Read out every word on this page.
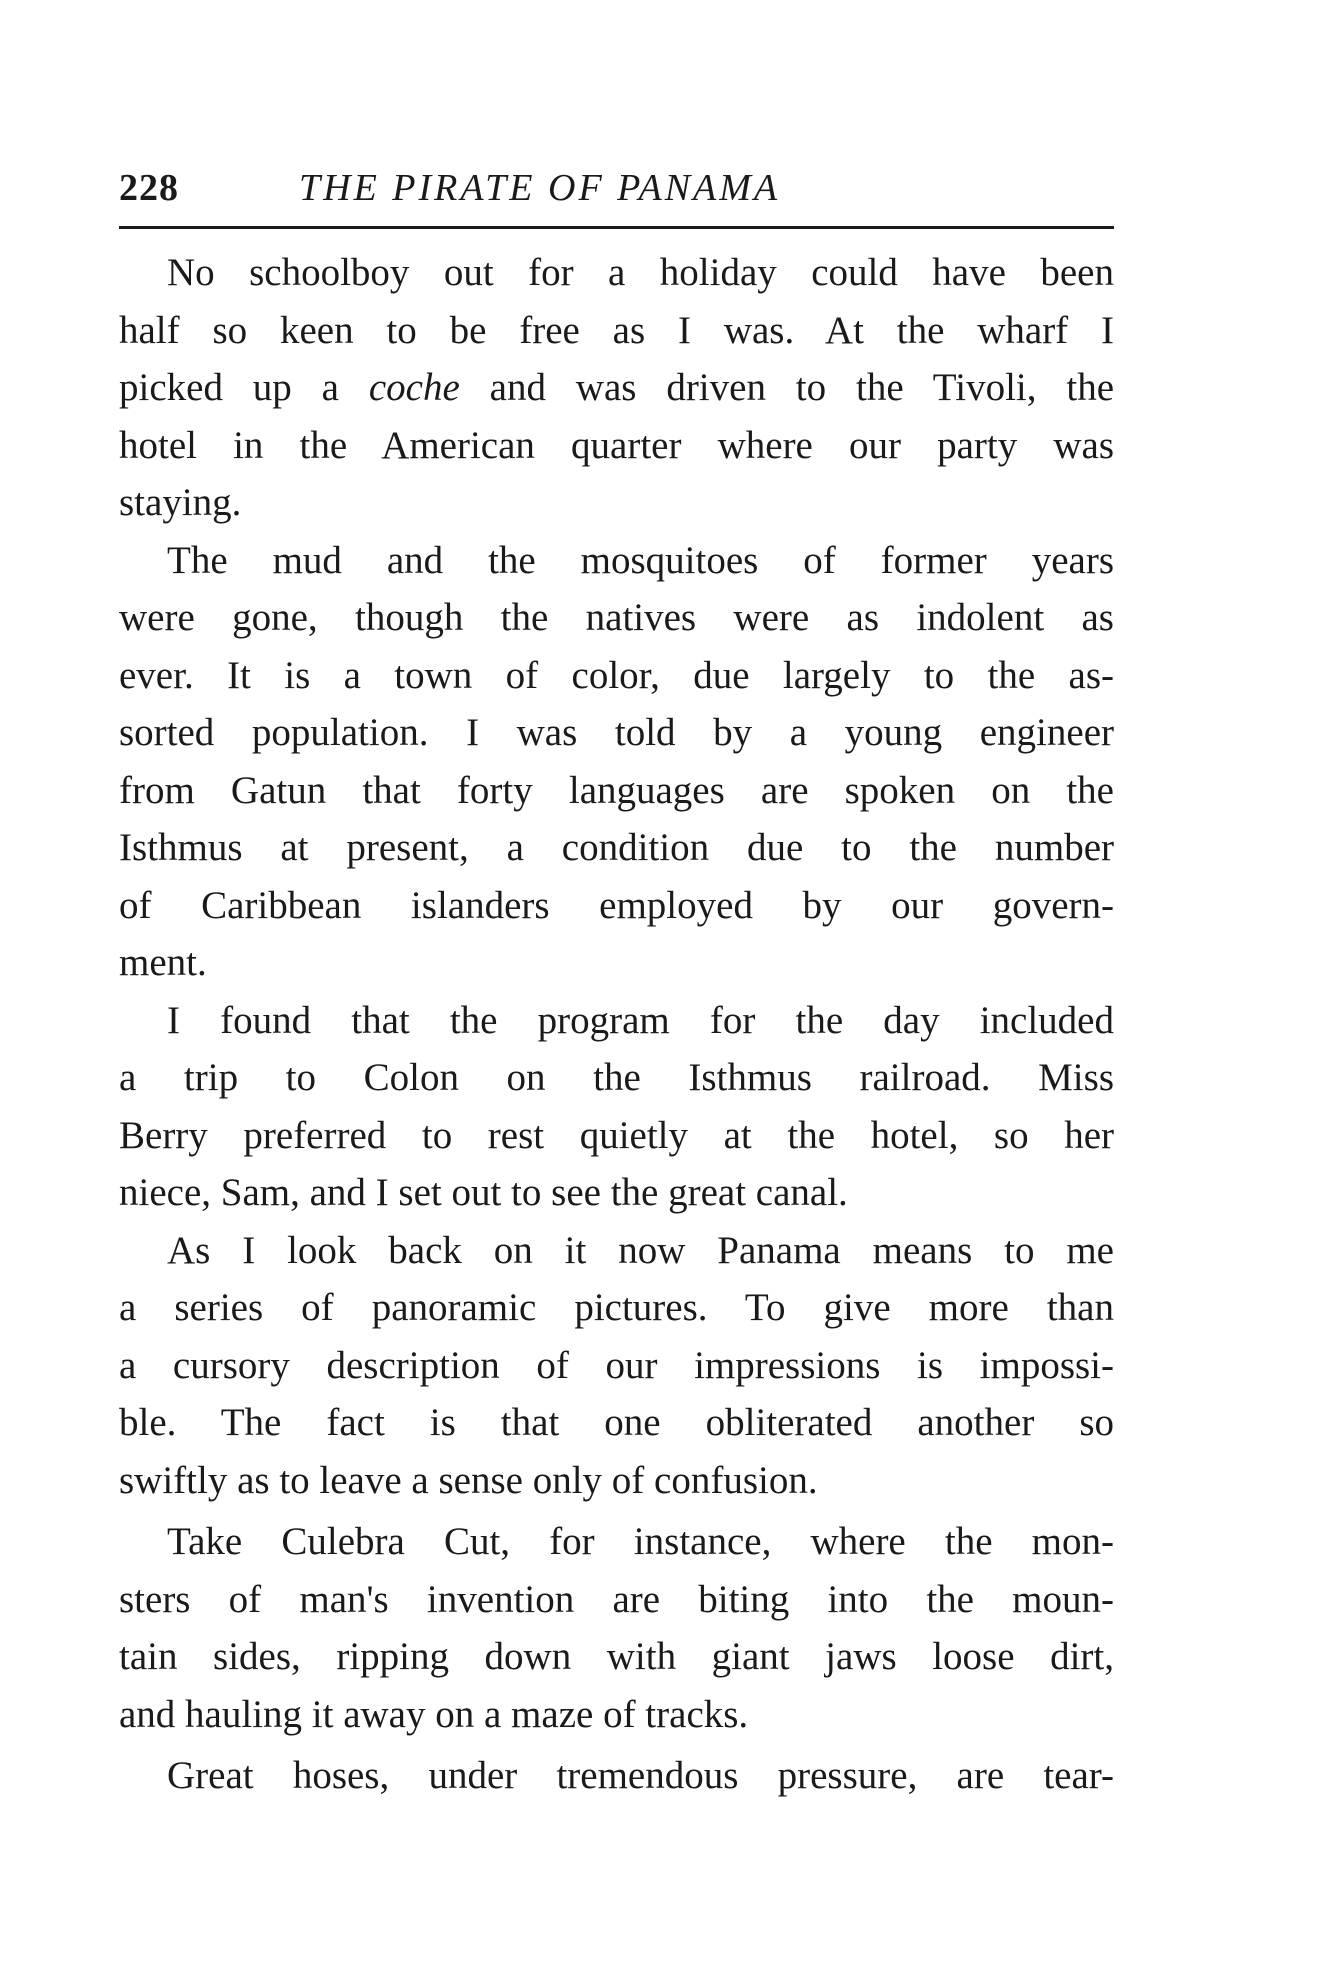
228	THE PIRATE OF PANAMA
No schoolboy out for a holiday could have been
half so keen to be free as I was. At the wharf I
picked up a coche and was driven to the Tivoli, the
hotel in the American quarter where our party was
staying.
The mud and the mosquitoes of former years
were gone, though the natives were as indolent as
ever. It is a town of color, due largely to the as-
sorted population. I was told by a young engineer
from Gatun that forty languages are spoken on the
Isthmus at present, a condition due to the number
of Caribbean islanders employed by our govern-
ment.
I found that the program for the day included
a trip to Colon on the Isthmus railroad. Miss
Berry preferred to rest quietly at the hotel, so her
niece, Sam, and I set out to see the great canal.
As I look back on it now Panama means to me
a series of panoramic pictures. To give more than
a cursory description of our impressions is impossi-
ble. The fact is that one obliterated another so
swiftly as to leave a sense only of confusion.
Take Culebra Cut, for instance, where the mon-
sters of man's invention are biting into the moun-
tain sides, ripping down with giant jaws loose dirt,
and hauling it away on a maze of tracks.
Great hoses, under tremendous pressure, are tear-
